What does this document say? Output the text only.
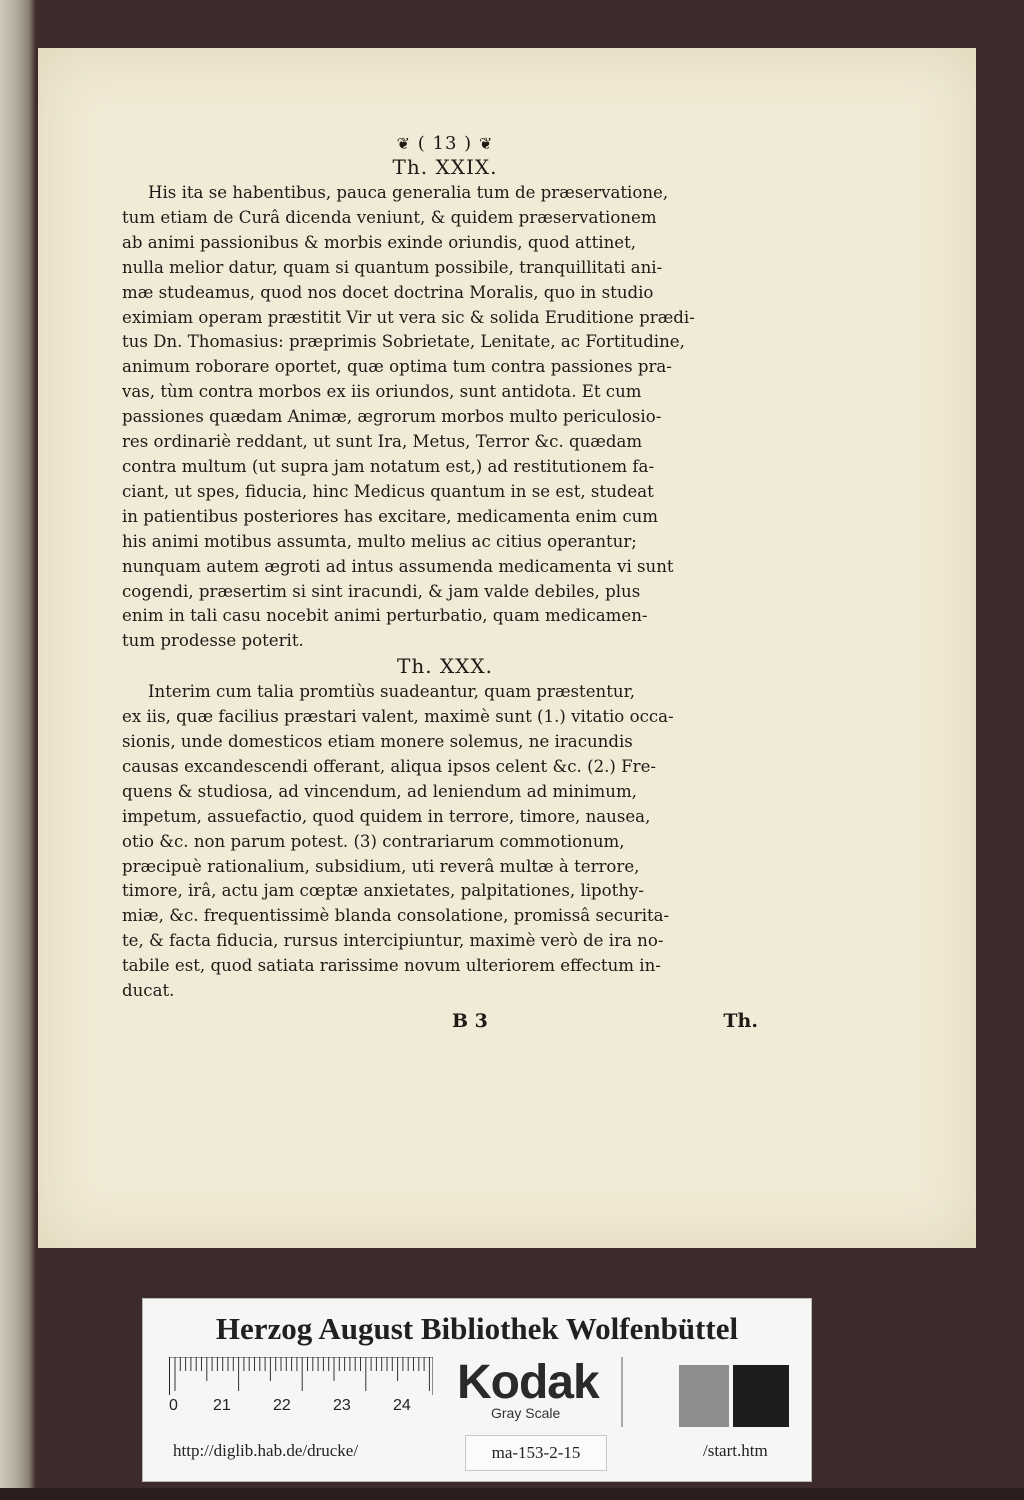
❦ ( 13 ) ❦
Th. XXIX.
His ita se habentibus, pauca generalia tum de præservatione,
tum etiam de Curâ dicenda veniunt, & quidem præservationem
ab animi passionibus & morbis exinde oriundis, quod attinet,
nulla melior datur, quam si quantum possibile, tranquillitati ani-
mæ studeamus, quod nos docet doctrina Moralis, quo in studio
eximiam operam præstitit Vir ut vera sic & solida Eruditione prædi-
tus Dn. Thomasius: præprimis Sobrietate, Lenitate, ac Fortitudine,
animum roborare oportet, quæ optima tum contra passiones pra-
vas, tùm contra morbos ex iis oriundos, sunt antidota. Et cum
passiones quædam Animæ, ægrorum morbos multo periculosio-
res ordinariè reddant, ut sunt Ira, Metus, Terror &c. quædam
contra multum (ut supra jam notatum est,) ad restitutionem fa-
ciant, ut spes, fiducia, hinc Medicus quantum in se est, studeat
in patientibus posteriores has excitare, medicamenta enim cum
his animi motibus assumta, multo melius ac citius operantur;
nunquam autem ægroti ad intus assumenda medicamenta vi sunt
cogendi, præsertim si sint iracundi, & jam valde debiles, plus
enim in tali casu nocebit animi perturbatio, quam medicamen-
tum prodesse poterit.
Th. XXX.
Interim cum talia promtiùs suadeantur, quam præstentur,
ex iis, quæ facilius præstari valent, maximè sunt (1.) vitatio occa-
sionis, unde domesticos etiam monere solemus, ne iracundis
causas excandescendi offerant, aliqua ipsos celent &c. (2.) Fre-
quens & studiosa, ad vincendum, ad leniendum ad minimum,
impetum, assuefactio, quod quidem in terrore, timore, nausea,
otio &c. non parum potest. (3) contrariarum commotionum,
præcipuè rationalium, subsidium, uti reverâ multæ à terrore,
timore, irâ, actu jam cœptæ anxietates, palpitationes, lipothy-
miæ, &c. frequentissimè blanda consolatione, promissâ securita-
te, & facta fiducia, rursus intercipiuntur, maximè verò de ira no-
tabile est, quod satiata rarissime novum ulteriorem effectum in-
ducat.
B 3	Th.
Herzog August Bibliothek Wolfenbüttel
0 21	22	23	24 Kodak
Gray Scale
http://diglib.hab.de/drucke/	ma-153-2-15	/start.htm
